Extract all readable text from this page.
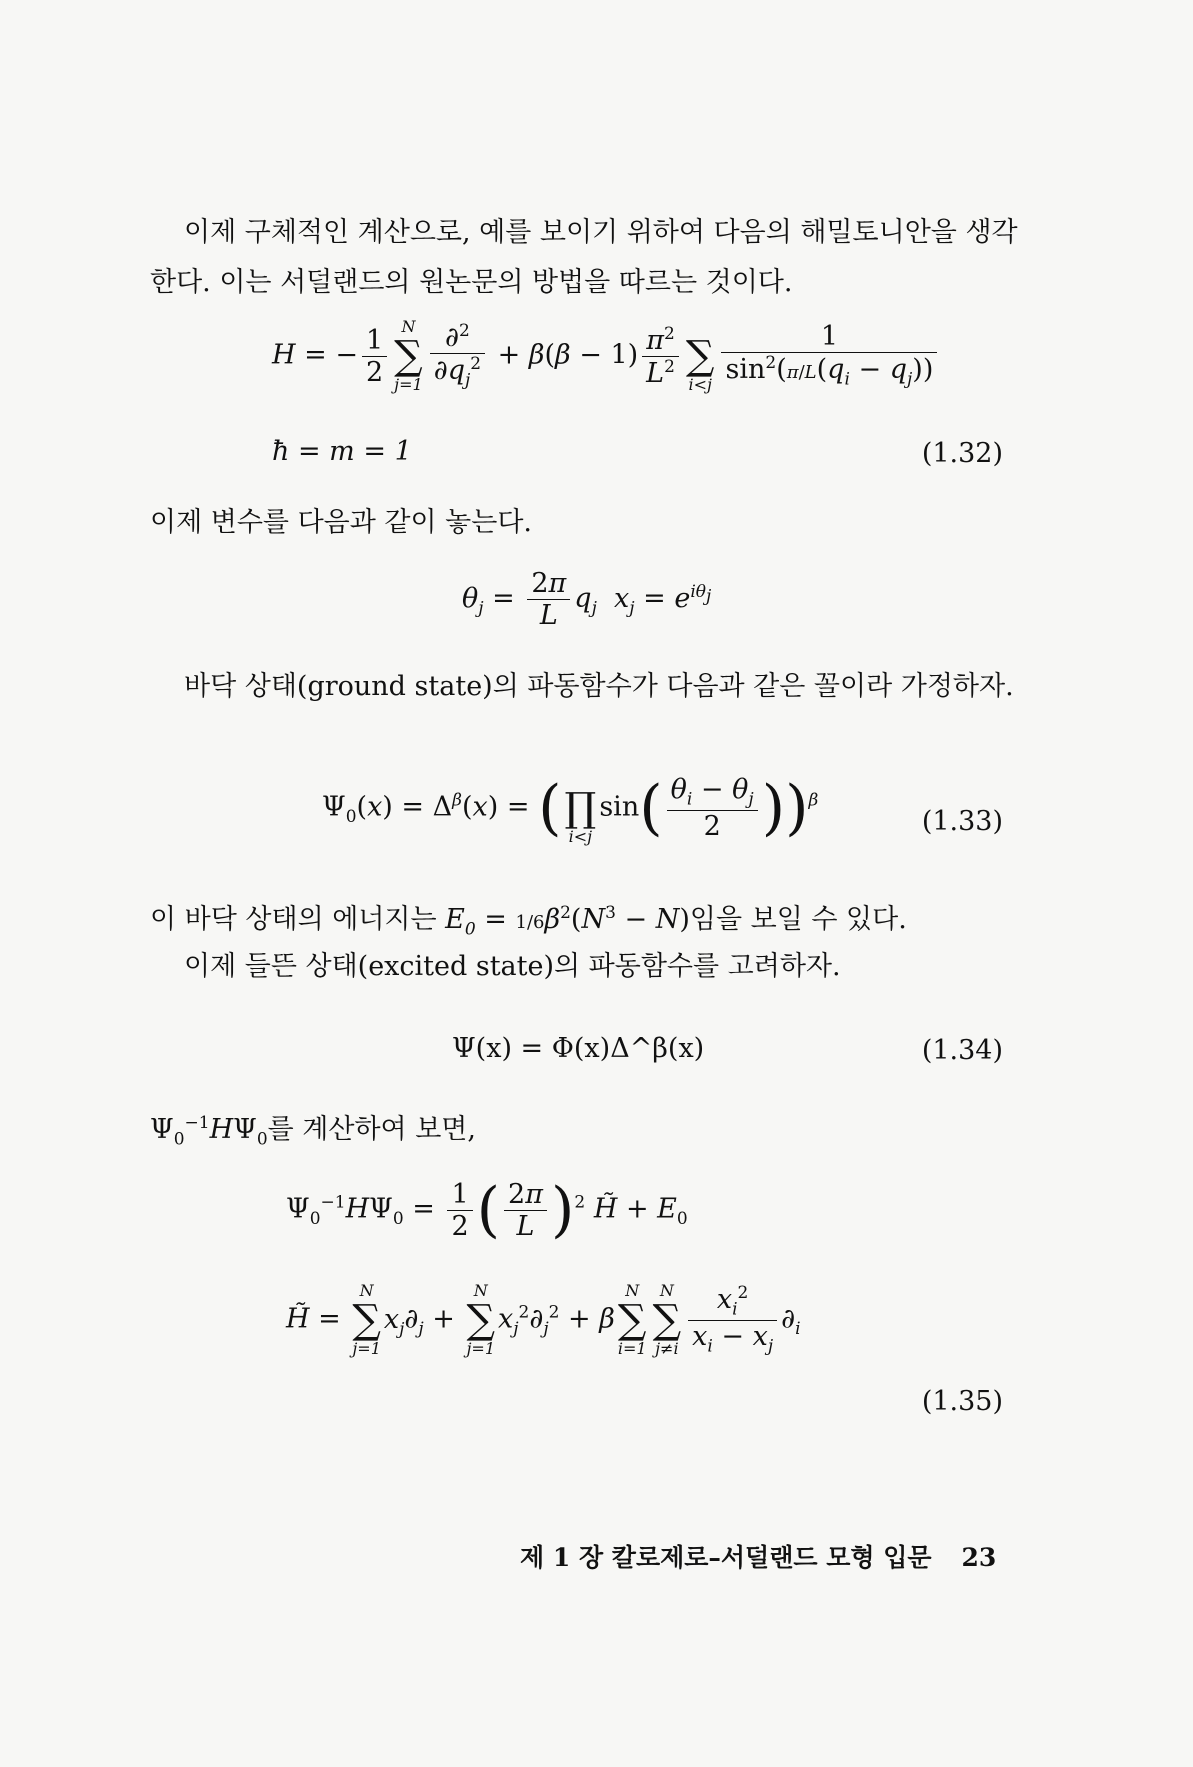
이제 구체적인 계산으로, 예를 보이기 위하여 다음의 해밀토니안을 생각한다. 이는 서덜랜드의 원논문의 방법을 따르는 것이다.
H = − $\frac{1}{2}$ N
∑
$j=1 \frac{\partial^2}{\partial q_j^2} + \beta(\beta - 1) \frac{\pi^2}{L^2}$
∑
$i<j \frac{1}{\sin^2(\pi/L(q_i - q_j))}$
ħ = m = 1	(1.32)
이제 변수를 다음과 같이 놓는다.
$\theta_j = \frac{2\pi}{L} q_j$ $x_j = e^{i\theta_j}$
바닥 상태(ground state)의 파동함수가 다음과 같은 꼴이라 가정하자.
$\Psi_0(x) = \Delta^\beta(x)$ = (
∏
i<j
$\sin( \frac{\theta_i - \theta_j}{2} ))^\beta$
(1.33)
이 바닥 상태의 에너지는 $E_0 = 1/6\beta^2(N^3 - N)$임을 보일 수 있다.
이제 들뜬 상태(excited state)의 파동함수를 고려하자.
Ψ(x) = Φ(x)Δ^β(x)	(1.34)
$\Psi_0^{-1}H\Psi_0$를 계산하여 보면,
$\Psi_0^{-1}H\Psi_0 = \frac{1}{2}$ ( $\frac{2\pi}{L} )^2$ H̃ + $E_0$
H̃ =
N
∑
j=1
$x_j\partial_j$ +
N
∑
j=1
$x_j^2\partial_j^2 + \beta$
N
∑
i=1
N
∑
$j\ne i \frac{x_i^2}{x_i - x_j} \partial_i$
(1.35)
제 1 장 칼로제로–서덜랜드 모형 입문 23
